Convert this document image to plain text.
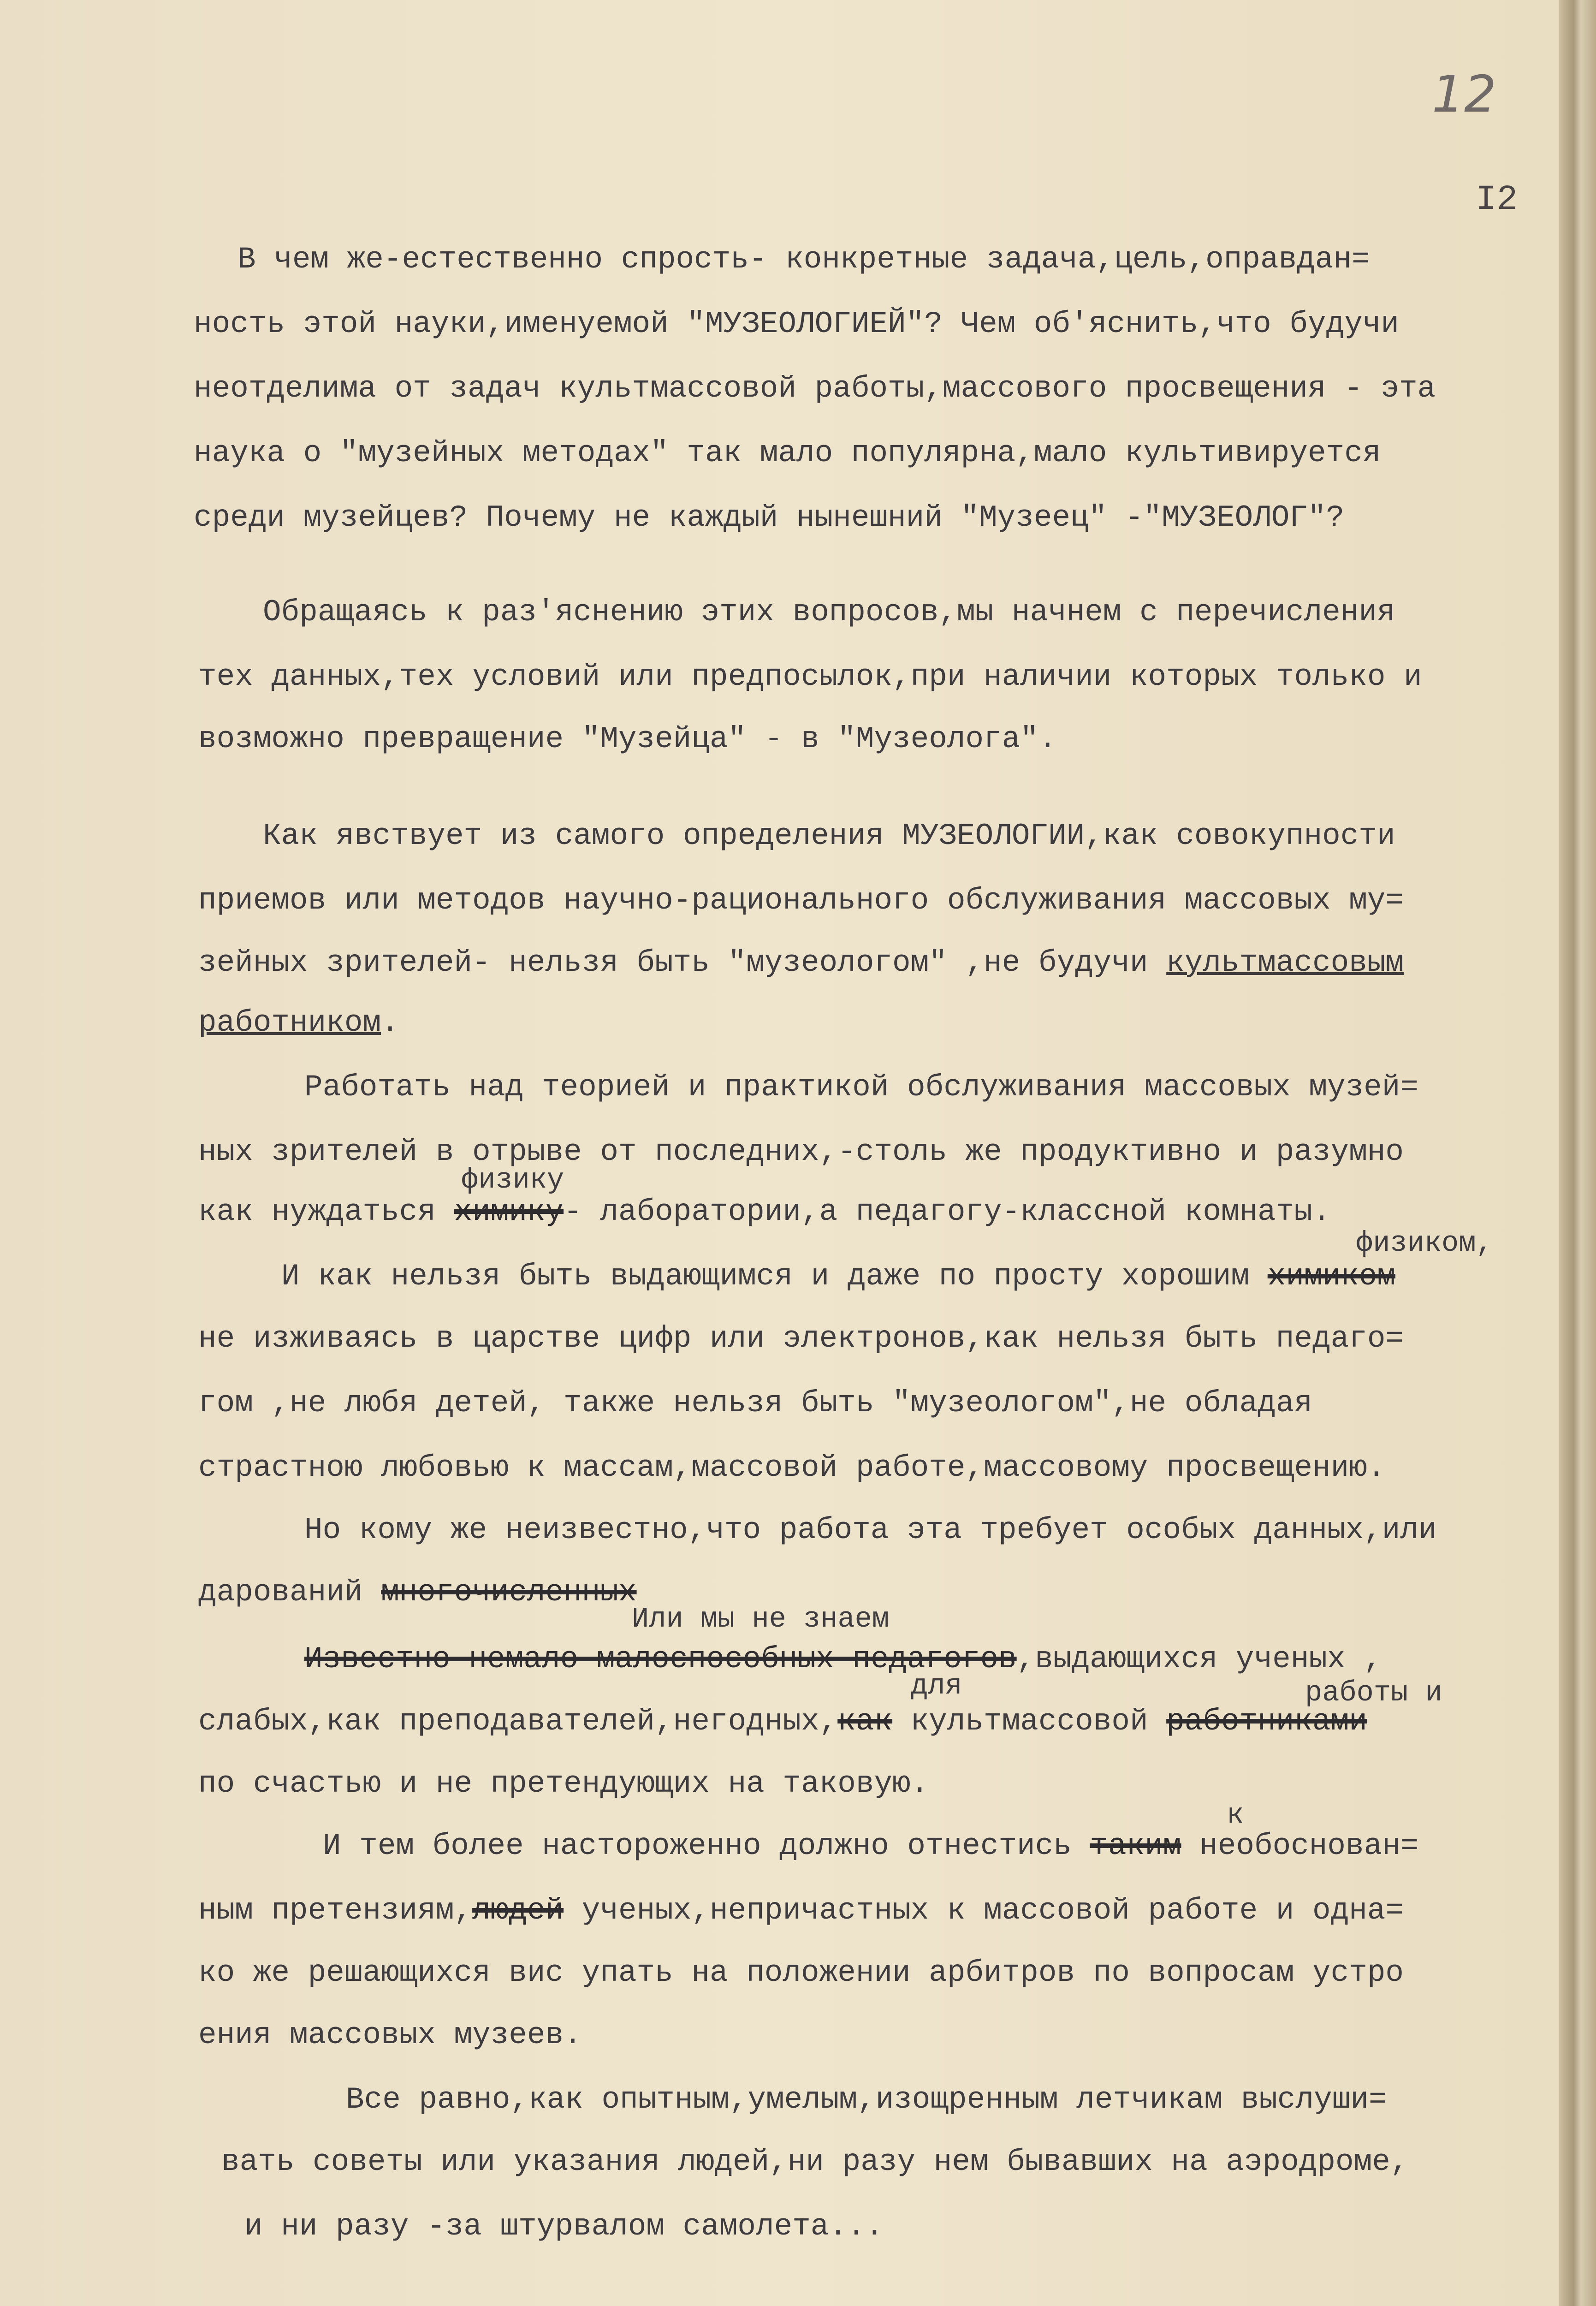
12
I2

В чем же-естественно спрость- конкретные задача,цель,оправдан=

ность этой науки,именуемой "МУЗЕОЛОГИЕЙ"? Чем об'яснить,что будучи

неотделима от задач культмассовой работы,массового просвещения - эта

наука о "музейных методах" так мало популярна,мало культивируется

среди музейцев? Почему не каждый нынешний "Музеец" -"МУЗЕОЛОГ"?

Обращаясь к раз'яснению этих вопросов,мы начнем с перечисления

тех данных,тех условий или предпосылок,при наличии которых только и

возможно превращение "Музейца" - в "Музеолога".

Как явствует из самого определения МУЗЕОЛОГИИ,как совокупности

приемов или методов научно-рационального обслуживания массовых му=

зейных зрителей- нельзя быть "музеологом" ,не будучи культмассовым

работником.

Работать над теорией и практикой обслуживания массовых музей=

ных зрителей в отрыве от последних,-столь же продуктивно и разумно

физику

как нуждаться химику- лаборатории,а педагогу-классной комнаты.

физиком,

И как нельзя быть выдающимся и даже по просту хорошим химиком

не изживаясь в царстве цифр или электронов,как нельзя быть педаго=

гом ,не любя детей, также нельзя быть "музеологом",не обладая

страстною любовью к массам,массовой работе,массовому просвещению.

Но кому же неизвестно,что работа эта требует особых данных,или

дарований многочисленных

Или мы не знаем

Известно немало малоспособных педагогов,выдающихся ученых ,

для	работы и

слабых,как преподавателей,негодных,как культмассовой работниками

по счастью и не претендующих на таковую.

к

И тем более настороженно должно отнестись таким необоснован=

ным претензиям,людей ученых,непричастных к массовой работе и одна=

ко же решающихся вис упать на положении арбитров по вопросам устро

ения массовых музеев.

Все равно,как опытным,умелым,изощренным летчикам выслуши=

вать советы или указания людей,ни разу нем бывавших на аэродроме,

и ни разу -за штурвалом самолета...
